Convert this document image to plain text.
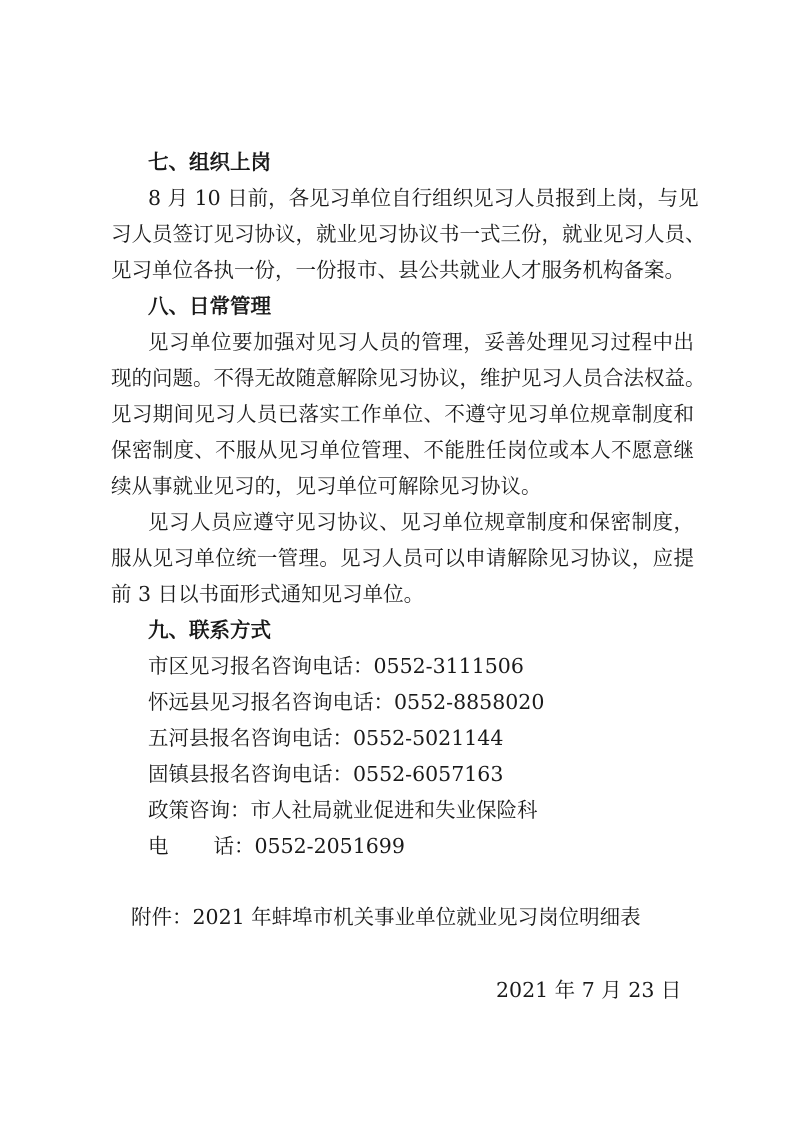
七、组织上岗
8 月 10 日前，各见习单位自行组织见习人员报到上岗，与见
习人员签订见习协议，就业见习协议书一式三份，就业见习人员、
见习单位各执一份，一份报市、县公共就业人才服务机构备案。
八、日常管理
见习单位要加强对见习人员的管理，妥善处理见习过程中出
现的问题。不得无故随意解除见习协议，维护见习人员合法权益。
见习期间见习人员已落实工作单位、不遵守见习单位规章制度和
保密制度、不服从见习单位管理、不能胜任岗位或本人不愿意继
续从事就业见习的，见习单位可解除见习协议。
见习人员应遵守见习协议、见习单位规章制度和保密制度，
服从见习单位统一管理。见习人员可以申请解除见习协议，应提
前 3 日以书面形式通知见习单位。
九、联系方式
市区见习报名咨询电话：0552-3111506
怀远县见习报名咨询电话：0552-8858020
五河县报名咨询电话：0552-5021144
固镇县报名咨询电话：0552-6057163
政策咨询：市人社局就业促进和失业保险科
电　话：0552-2051699
附件：2021 年蚌埠市机关事业单位就业见习岗位明细表
2021 年 7 月 23 日
